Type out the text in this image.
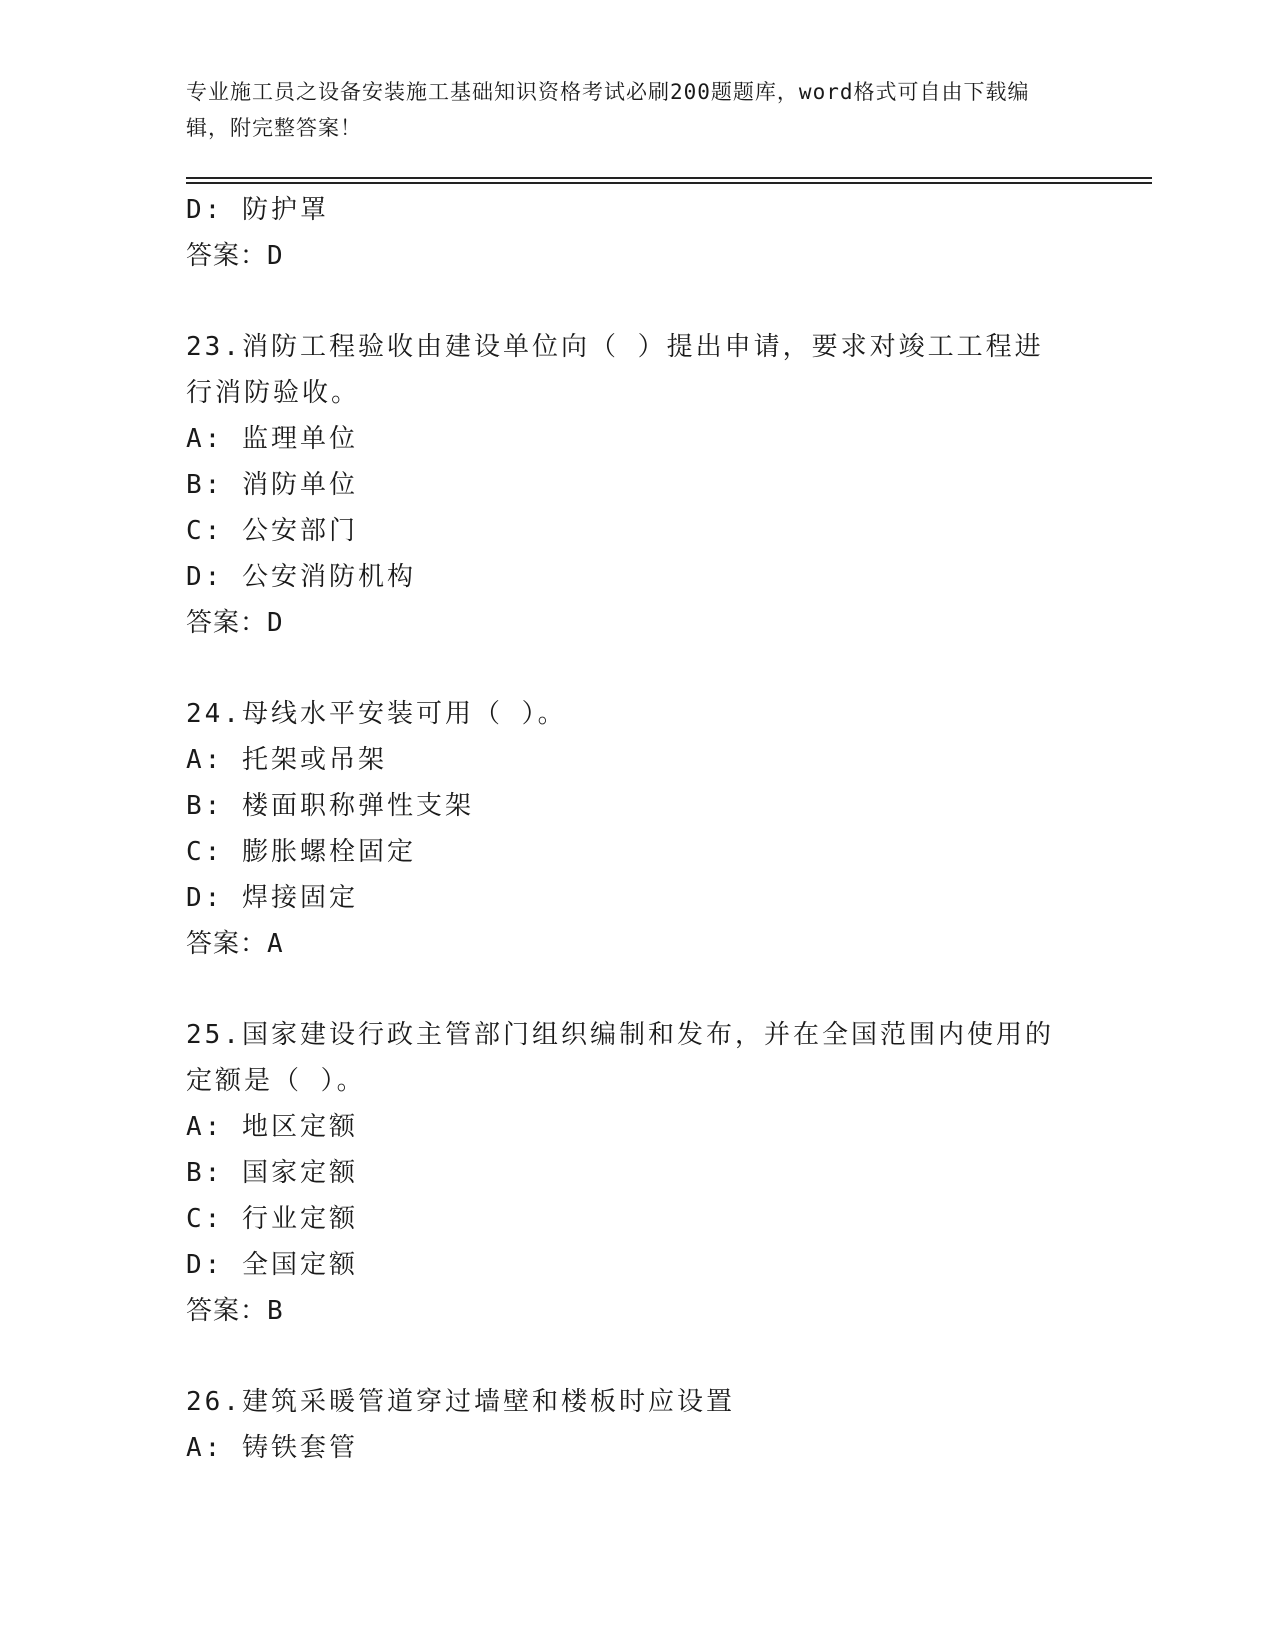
专业施工员之设备安装施工基础知识资格考试必刷200题题库，word格式可自由下载编辑，附完整答案！
D: 防护罩
答案：D
23.消防工程验收由建设单位向（ ）提出申请，要求对竣工工程进行消防验收。
A: 监理单位
B: 消防单位
C: 公安部门
D: 公安消防机构
答案：D
24.母线水平安装可用（ ）。
A: 托架或吊架
B: 楼面职称弹性支架
C: 膨胀螺栓固定
D: 焊接固定
答案：A
25.国家建设行政主管部门组织编制和发布，并在全国范围内使用的定额是（ ）。
A: 地区定额
B: 国家定额
C: 行业定额
D: 全国定额
答案：B
26.建筑采暖管道穿过墙壁和楼板时应设置
A: 铸铁套管
